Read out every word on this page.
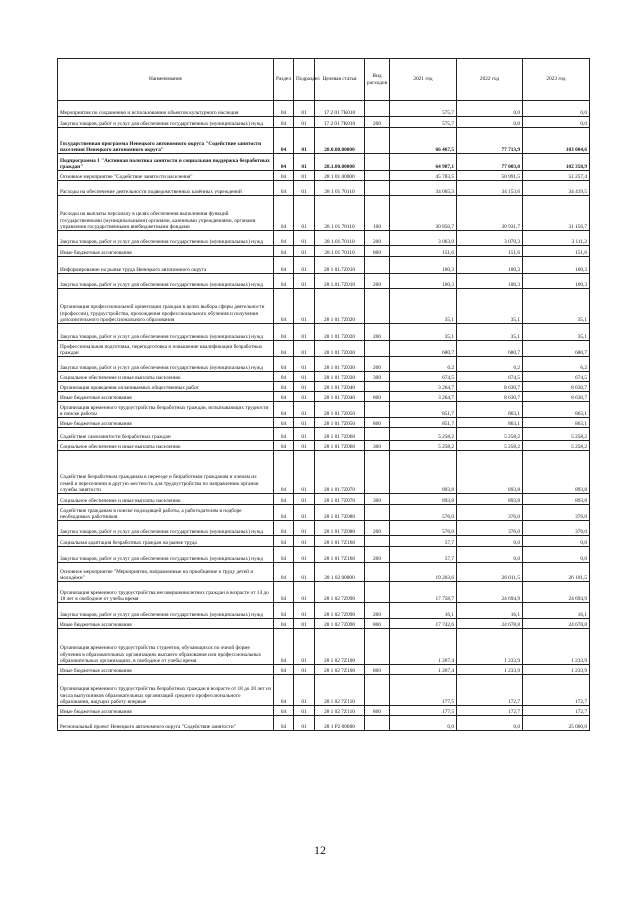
Наименование	Раздел	Подраздел	Целевая статья	Вид расходов	2021 год	2022 год	2023 год
Мероприятия по сохранению и использованию объектов культурного наследия	04	01	17 2 01 7К010		575,7	0,0	0,0
Закупка товаров, работ и услуг для обеспечения государственных (муниципальных) нужд	04	01	17 2 01 7К010	200	575,7	0,0	0,0
Государственная программа Ненецкого автономного округа "Содействие занятости населения Ненецкого автономного округа"	04	01	28.0.00.00000		66 467,5	77 713,9	103 004,6
Подпрограмма 1 "Активная политика занятости и социальная поддержка безработных граждан"	04	01	28.1.00.00000		64 987,1	77 003,0	102 358,9
Основное мероприятие "Содействие занятости населения"	04	01	28 1 01 00000		45 783,5	50 991,5	51 257,4
Расходы на обеспечение деятельности подведомственных казённых учреждений	04	01	28 1 01 70110		34 065,3	34 153,6	34 419,5
Расходы на выплаты персоналу в целях обеспечения выполнения функций государственными (муниципальными) органами, казенными учреждениями, органами управления государственными внебюджетными фондами	04	01	28 1 01 70110	100	30 850,7	30 931,7	31 156,7
Закупка товаров, работ и услуг для обеспечения государственных (муниципальных) нужд	04	01	28 1.01.70110	200	3 063,0	3 070,3	3 111,2
Иные бюджетные ассигнования	04	01	28.1 01 70110	800	151,6	151,6	151,6
Информирование на рынке труда Ненецкого автономного округа	04	01	28 1 01.7Z010		100,3	100,3	100,3
Закупка товаров, работ и услуг для обеспечения государственных (муниципальных) нужд	04	01	28 1.01.7Z010	200	100,3	100,3	100,3
Организация профессиональной ориентации граждан в целях выбора сферы деятельности (профессии), трудоустройства, прохождения профессионального обучения и получения дополнительного профессионального образования	04	01	28 1 01 7Z020		35,1	35,1	35,1
Закупка товаров, работ и услуг для обеспечения государственных (муниципальных) нужд	04	01	28 1 01 7Z020	200	35,1	35,1	35,1
Профессиональная подготовка, переподготовка и повышение квалификации безработных граждан	04	01	28 1 01 7Z030		680,7	680,7	680,7
Закупка товаров, работ и услуг для обеспечения государственных (муниципальных) нужд	04	01	28 1 01 7Z030	200	6,2	6,2	6,2
Социальное обеспечение и иные выплаты населению	04	01	28 1 01 7Z030	300	674,5	674,5	674,5
Организация проведения оплачиваемых общественных работ	04	01	28 1 01 7Z040		3 264,7	8 630,7	8 630,7
Иные бюджетные ассигнования	04	01	28 1 01 7Z040	800	3 264,7	8 630,7	8 630,7
Организация временного трудоустройства безработных граждан, испытывающих трудности в поиске работы	04	01	28 1 01 7Z050		851,7	863,1	863,1
Иные бюджетные ассигнования	04	01	28 1 01 7Z050	800	851,7	863,1	863,1
Содействие самозанятости безработных граждан	04	01	28 1 01 7Z060		5 258,2	5 258,2	5 258,2
Социальное обеспечение и иные выплаты населению	04	01	28 1 01 7Z060	300	5 258,2	5 258,2	5 258,2
Содействие безработным гражданам в переезде и безработным гражданам и членам их семей в переселении в другую местность для трудоустройства по направлению органов службы занятости	04	01	28 1 01.7Z070		893,8	893,8	893,8
Социальное обеспечение и иные выплаты населению	04	01	28 1 01 7Z070	300	893,8	893,8	893,8
Содействие гражданам в поиске подходящей работы, а работодателям в подборе необходимых работников	04	01	28 1 01 7Z080		576,0	376,0	376,0
Закупка товаров, работ и услуг для обеспечения государственных (муниципальных) нужд	04	01	28 1 01 7Z080	200	576,0	376,0	376,0
Социальная адаптация безработных граждан на рынке труда	04	01	28 1 01 7Z160		57,7	0,0	0,0
Закупка товаров, работ и услуг для обеспечения государственных (муниципальных) нужд	04	01	28 1 01 7Z160	200	57,7	0,0	0,0
Основное мероприятие "Мероприятия, направленные на приобщение к труду детей и молодёжи"	04	01	28 1 02 00000		19 203,6	26 011,5	26 101,5
Организация временного трудоустройства несовершеннолетних граждан в возрасте от 14 до 18 лет в свободное от учебы время	04	01	28 1 02 7Z090		17 758,7	24 694,9	24 694,9
Закупка товаров, работ и услуг для обеспечения государственных (муниципальных) нужд	04	01	28 1 02 7Z090	200	16,1	16,1	16,1
Иные бюджетные ассигнования	04	01	28 1 02 7Z090	800	17 742,6	24 678,8	24 678,8
Организация временного трудоустройства студентов, обучающихся по очной форме обучения в образовательных организациях высшего образования или профессиональных образовательных организациях, в свободное от учебы время	04	01	28 1 02 7Z100		1 267,4	1 233,9	1 233,9
Иные бюджетные ассигнования	04	01	28 1 02 7Z100	800	1 267,4	1 233,9	1 233,9
Организация временного трудоустройства безработных граждан в возрасте от 18 до 20 лет из числа выпускников образовательных организаций среднего профессионального образования, ищущих работу впервые	04	01	28 1 02 7Z110		177,5	172,7	172,7
Иные бюджетные ассигнования	04	01	28 1 02 7Z110	800	177,5	172,7	172,7
Региональный проект Ненецкого автономного округа "Содействие занятости"	04	01	28 1 P2 00000		0,0	0,0	25 000,0
12
